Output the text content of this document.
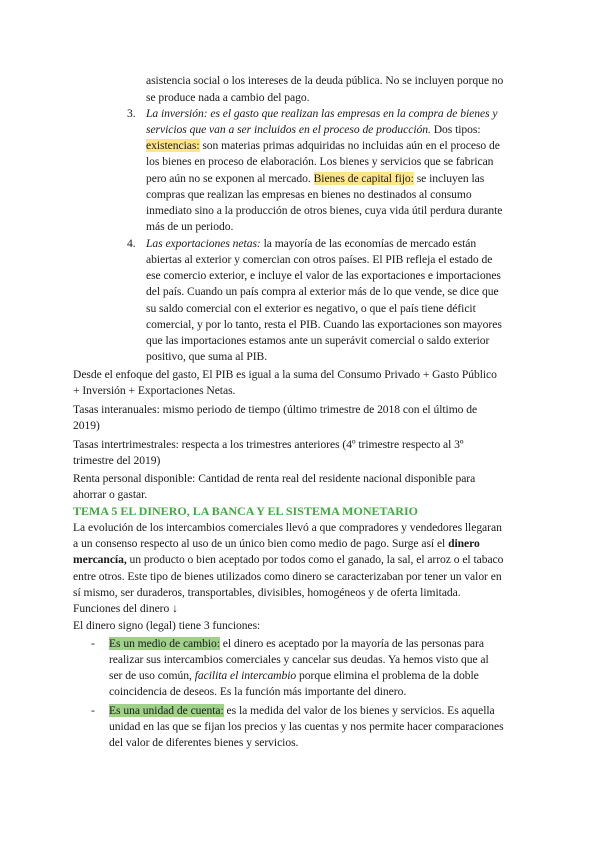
asistencia social o los intereses de la deuda pública. No se incluyen porque no
se produce nada a cambio del pago.
3. La inversión: es el gasto que realizan las empresas en la compra de bienes y
servicios que van a ser incluidos en el proceso de producción. Dos tipos:
existencias: son materias primas adquiridas no incluidas aún en el proceso de
los bienes en proceso de elaboración. Los bienes y servicios que se fabrican
pero aún no se exponen al mercado. Bienes de capital fijo: se incluyen las
compras que realizan las empresas en bienes no destinados al consumo
inmediato sino a la producción de otros bienes, cuya vida útil perdura durante
más de un periodo.
4. Las exportaciones netas: la mayoría de las economías de mercado están
abiertas al exterior y comercian con otros países. El PIB refleja el estado de
ese comercio exterior, e incluye el valor de las exportaciones e importaciones
del país. Cuando un país compra al exterior más de lo que vende, se dice que
su saldo comercial con el exterior es negativo, o que el país tiene déficit
comercial, y por lo tanto, resta el PIB. Cuando las exportaciones son mayores
que las importaciones estamos ante un superávit comercial o saldo exterior
positivo, que suma al PIB.
Desde el enfoque del gasto, El PIB es igual a la suma del Consumo Privado + Gasto Público
+ Inversión + Exportaciones Netas.
Tasas interanuales: mismo periodo de tiempo (último trimestre de 2018 con el último de
2019)
Tasas intertrimestrales: respecta a los trimestres anteriores (4º trimestre respecto al 3º
trimestre del 2019)
Renta personal disponible: Cantidad de renta real del residente nacional disponible para
ahorrar o gastar.
TEMA 5 EL DINERO, LA BANCA Y EL SISTEMA MONETARIO
La evolución de los intercambios comerciales llevó a que compradores y vendedores llegaran
a un consenso respecto al uso de un único bien como medio de pago. Surge así el dinero
mercancía, un producto o bien aceptado por todos como el ganado, la sal, el arroz o el tabaco
entre otros. Este tipo de bienes utilizados como dinero se caracterizaban por tener un valor en
sí mismo, ser duraderos, transportables, divisibles, homogéneos y de oferta limitada.
Funciones del dinero ↓
El dinero signo (legal) tiene 3 funciones:
- Es un medio de cambio: el dinero es aceptado por la mayoría de las personas para
realizar sus intercambios comerciales y cancelar sus deudas. Ya hemos visto que al
ser de uso común, facilita el intercambio porque elimina el problema de la doble
coincidencia de deseos. Es la función más importante del dinero.
- Es una unidad de cuenta: es la medida del valor de los bienes y servicios. Es aquella
unidad en las que se fijan los precios y las cuentas y nos permite hacer comparaciones
del valor de diferentes bienes y servicios.
